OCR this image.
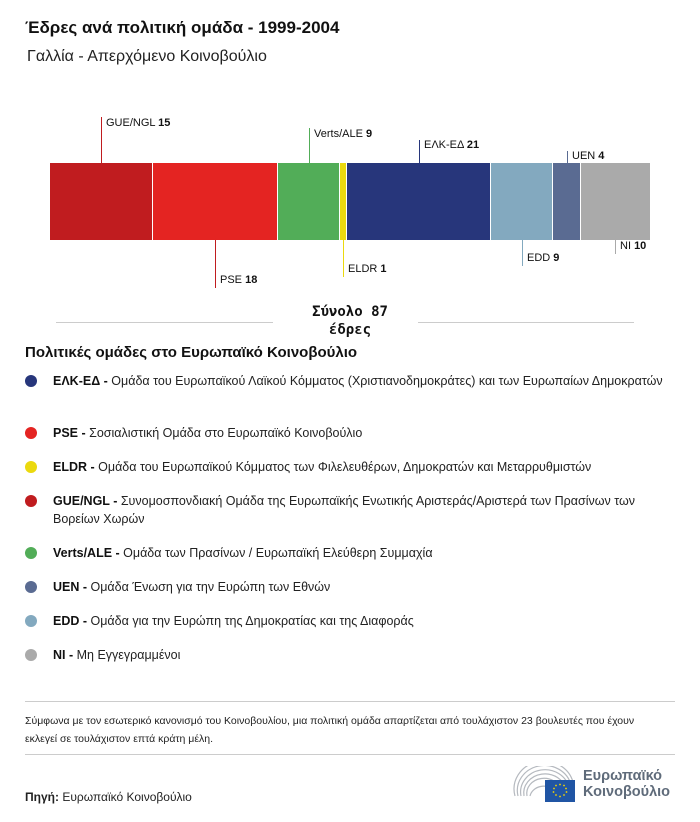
Έδρες ανά πολιτική ομάδα - 1999-2004
Γαλλία - Απερχόμενο Κοινοβούλιο
GUE/NGL 15
PSE 18
Verts/ALE 9
ELDR 1
ΕΛΚ-ΕΔ 21
EDD 9
UEN 4
NI 10
Σύνολο 87
έδρες
Πολιτικές ομάδες στο Ευρωπαϊκό Κοινοβούλιο
ΕΛΚ-ΕΔ - Ομάδα του Ευρωπαϊκού Λαϊκού Κόμματος (Χριστιανοδημοκράτες) και των Ευρωπαίων Δημοκρατών
PSE - Σοσιαλιστική Ομάδα στο Ευρωπαϊκό Κοινοβούλιο
ELDR - Ομάδα του Ευρωπαϊκού Κόμματος των Φιλελευθέρων, Δημοκρατών και Μεταρρυθμιστών
GUE/NGL - Συνομοσπονδιακή Ομάδα της Ευρωπαϊκής Ενωτικής Αριστεράς/Αριστερά των Πρασίνων των Βορείων Χωρών
Verts/ALE - Ομάδα των Πρασίνων / Ευρωπαϊκή Ελεύθερη Συμμαχία
UEN - Ομάδα Ένωση για την Ευρώπη των Εθνών
EDD - Ομάδα για την Ευρώπη της Δημοκρατίας και της Διαφοράς
NI - Μη Εγγεγραμμένοι
Σύμφωνα με τον εσωτερικό κανονισμό του Κοινοβουλίου, μια πολιτική ομάδα απαρτίζεται από τουλάχιστον 23 βουλευτές που έχουν εκλεγεί σε τουλάχιστον επτά κράτη μέλη.
Πηγή: Ευρωπαϊκό Κοινοβούλιο
Ευρωπαϊκό
Κοινοβούλιο
